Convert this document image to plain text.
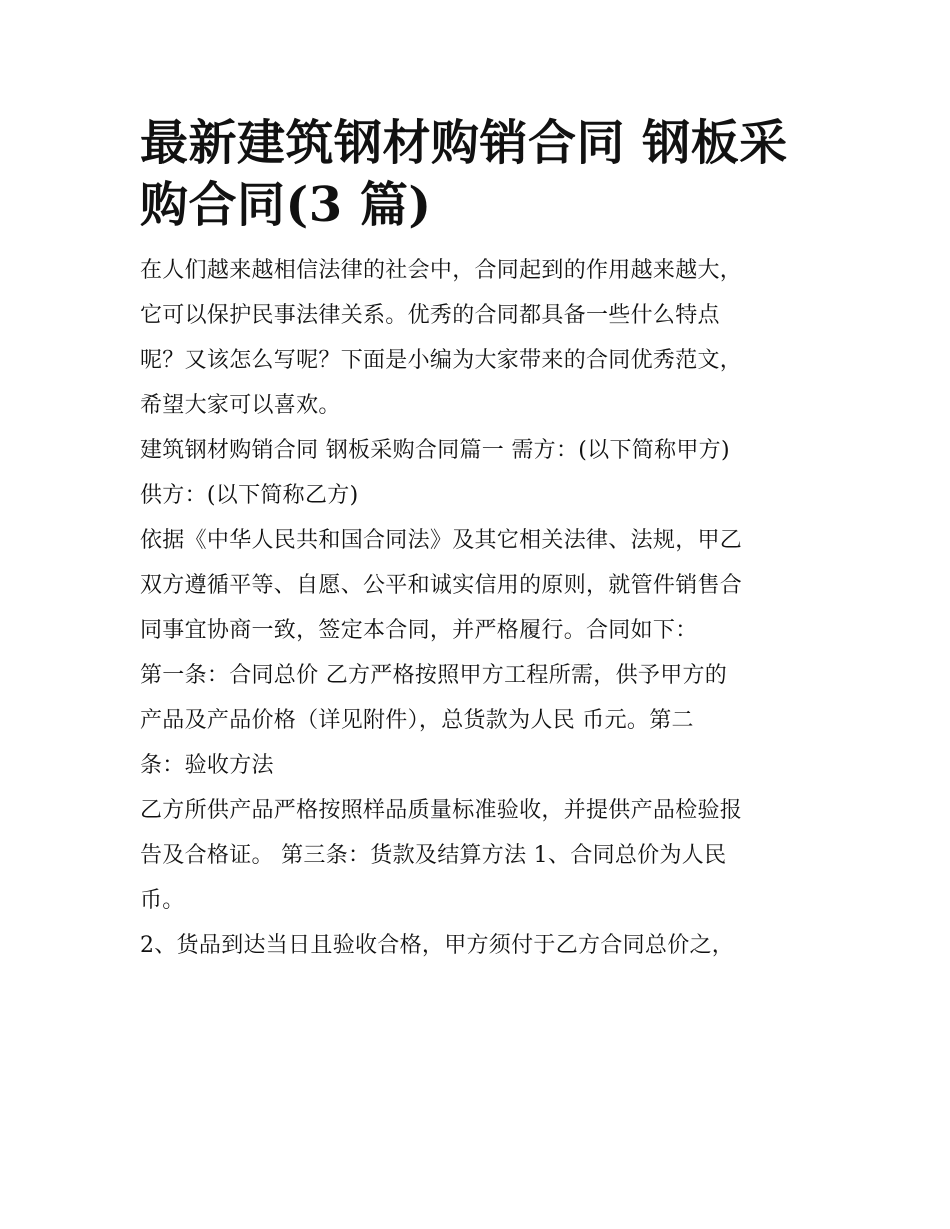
最新建筑钢材购销合同 钢板采
购合同(3 篇)

在人们越来越相信法律的社会中，合同起到的作用越来越大，
它可以保护民事法律关系。优秀的合同都具备一些什么特点
呢？又该怎么写呢？下面是小编为大家带来的合同优秀范文，
希望大家可以喜欢。

建筑钢材购销合同 钢板采购合同篇一 需方：(以下简称甲方)

供方：(以下简称乙方)

依据《中华人民共和国合同法》及其它相关法律、法规，甲乙
双方遵循平等、自愿、公平和诚实信用的原则，就管件销售合
同事宜协商一致，签定本合同，并严格履行。合同如下：

第一条：合同总价 乙方严格按照甲方工程所需，供予甲方的
产品及产品价格（详见附件），总货款为人民 币元。第二
条：验收方法

乙方所供产品严格按照样品质量标准验收，并提供产品检验报
告及合格证。 第三条：货款及结算方法 1、合同总价为人民
币。

2、货品到达当日且验收合格，甲方须付于乙方合同总价之，
